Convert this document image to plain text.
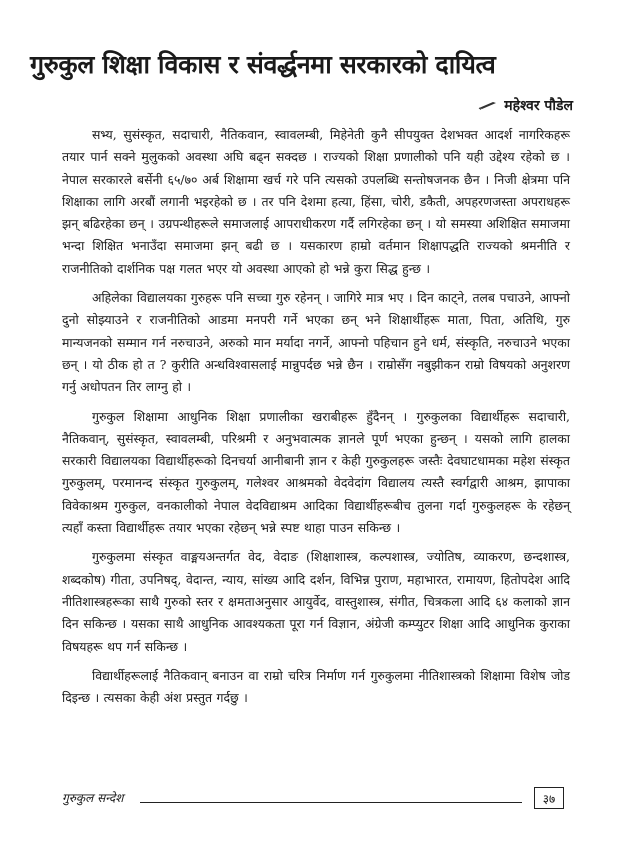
गुरुकुल शिक्षा विकास र संवर्द्धनमा सरकारको दायित्व
महेश्वर पौडेल

सभ्य, सुसंस्कृत, सदाचारी, नैतिकवान, स्वावलम्बी, मिहेनेती कुनै सीपयुक्त देशभक्त आदर्श नागरिकहरू तयार पार्न सक्ने मुलुकको अवस्था अघि बढ्न सक्दछ । राज्यको शिक्षा प्रणालीको पनि यही उद्देश्य रहेको छ । नेपाल सरकारले बर्सेनी ६५/७० अर्ब शिक्षामा खर्च गरे पनि त्यसको उपलब्धि सन्तोषजनक छैन । निजी क्षेत्रमा पनि शिक्षाका लागि अरबौं लगानी भइरहेको छ । तर पनि देशमा हत्या, हिंसा, चोरी, डकैती, अपहरणजस्ता अपराधहरू झन् बढिरहेका छन् । उग्रपन्थीहरूले समाजलाई आपराधीकरण गर्दै लगिरहेका छन् । यो समस्या अशिक्षित समाजमा भन्दा शिक्षित भनाउँदा समाजमा झन् बढी छ । यसकारण हाम्रो वर्तमान शिक्षापद्धति राज्यको श्रमनीति र राजनीतिको दार्शनिक पक्ष गलत भएर यो अवस्था आएको हो भन्ने कुरा सिद्ध हुन्छ ।

अहिलेका विद्यालयका गुरुहरू पनि सच्चा गुरु रहेनन् । जागिरे मात्र भए । दिन काट्ने, तलब पचाउने, आफ्नो दुनो सोझ्याउने र राजनीतिको आडमा मनपरी गर्ने भएका छन् भने शिक्षार्थीहरू माता, पिता, अतिथि, गुरु मान्यजनको सम्मान गर्न नरुचाउने, अरुको मान मर्यादा नगर्ने, आफ्नो पहिचान हुने धर्म, संस्कृति, नरुचाउने भएका छन् । यो ठीक हो त ? कुरीति अन्धविश्वासलाई मान्नुपर्दछ भन्ने छैन । राम्रोसँग नबुझीकन राम्रो विषयको अनुशरण गर्नु अधोपतन तिर लाग्नु हो ।

गुरुकुल शिक्षामा आधुनिक शिक्षा प्रणालीका खराबीहरू हुँदैनन् । गुरुकुलका विद्यार्थीहरू सदाचारी, नैतिकवान्, सुसंस्कृत, स्वावलम्बी, परिश्रमी र अनुभवात्मक ज्ञानले पूर्ण भएका हुन्छन् । यसको लागि हालका सरकारी विद्यालयका विद्यार्थीहरूको दिनचर्या आनीबानी ज्ञान र केही गुरुकुलहरू जस्तैः देवघाटधामका महेश संस्कृत गुरुकुलम्, परमानन्द संस्कृत गुरुकुलम्, गलेश्वर आश्रमको वेदवेदांग विद्यालय त्यस्तै स्वर्गद्वारी आश्रम, झापाका विवेकाश्रम गुरुकुल, वनकालीको नेपाल वेदविद्याश्रम आदिका विद्यार्थीहरूबीच तुलना गर्दा गुरुकुलहरू के रहेछन् त्यहाँ कस्ता विद्यार्थीहरू तयार भएका रहेछन् भन्ने स्पष्ट थाहा पाउन सकिन्छ ।

गुरुकुलमा संस्कृत वाङ्मयअन्तर्गत वेद, वेदाङ (शिक्षाशास्त्र, कल्पशास्त्र, ज्योतिष, व्याकरण, छन्दशास्त्र, शब्दकोष) गीता, उपनिषद्, वेदान्त, न्याय, सांख्य आदि दर्शन, विभिन्न पुराण, महाभारत, रामायण, हितोपदेश आदि नीतिशास्त्रहरूका साथै गुरुको स्तर र क्षमताअनुसार आयुर्वेद, वास्तुशास्त्र, संगीत, चित्रकला आदि ६४ कलाको ज्ञान दिन सकिन्छ । यसका साथै आधुनिक आवश्यकता पूरा गर्न विज्ञान, अंग्रेजी कम्प्युटर शिक्षा आदि आधुनिक कुराका विषयहरू थप गर्न सकिन्छ ।

विद्यार्थीहरूलाई नैतिकवान् बनाउन वा राम्रो चरित्र निर्माण गर्न गुरुकुलमा नीतिशास्त्रको शिक्षामा विशेष जोड दिइन्छ । त्यसका केही अंश प्रस्तुत गर्दछु ।

गुरुकुल सन्देश	३७
